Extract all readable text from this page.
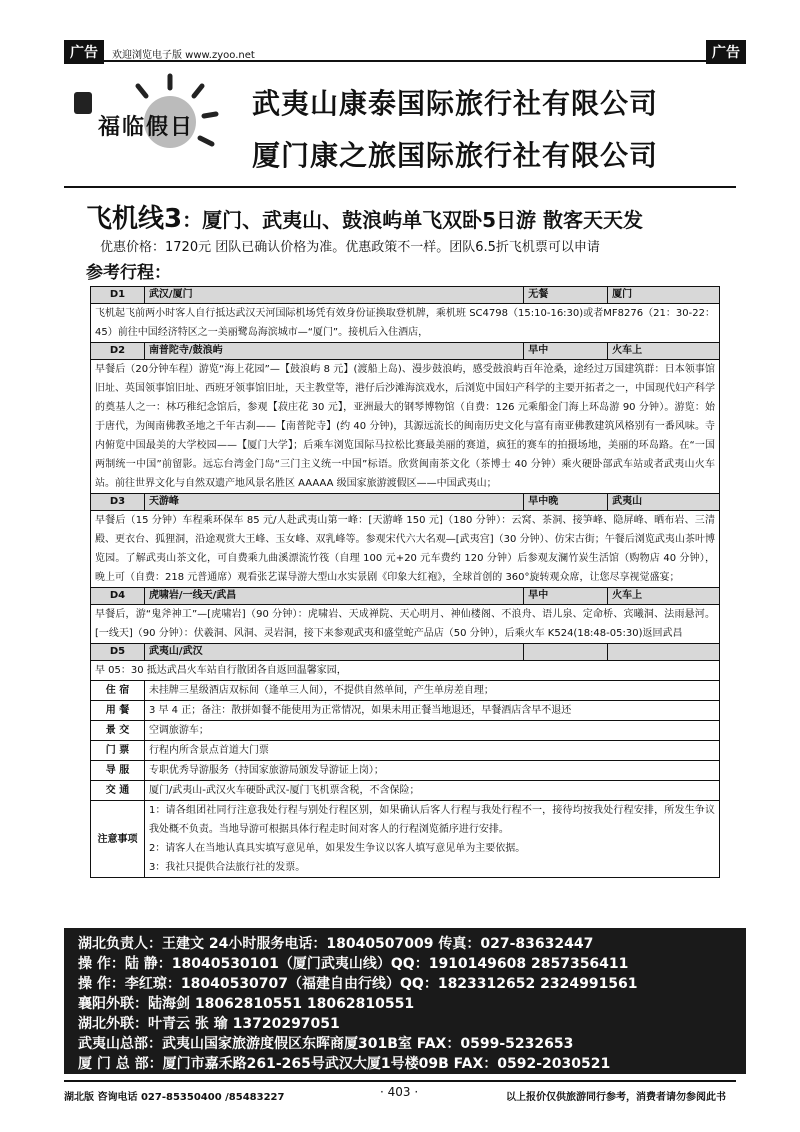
广告	广告
欢迎浏览电子版 www.zyoo.net
福临假日
武夷山康泰国际旅行社有限公司
厦门康之旅国际旅行社有限公司
飞机线3：厦门、武夷山、鼓浪屿单飞双卧5日游 散客天天发
优惠价格：1720元 团队已确认价格为准。优惠政策不一样。团队6.5折飞机票可以申请
参考行程：
D1	武汉/厦门	无餐	厦门
飞机起飞前两小时客人自行抵达武汉天河国际机场凭有效身份证换取登机牌，乘机班 SC4798（15:10-16:30)或者MF8276（21：30-22：45）前往中国经济特区之一美丽鹭岛海滨城市—“厦门”。接机后入住酒店，			
D2	南普陀寺/鼓浪屿	早中	火车上
早餐后（20分钟车程）游览“海上花园”—【鼓浪屿 8 元】(渡船上岛)、漫步鼓浪屿，感受鼓浪屿百年沧桑，途经过万国建筑群：日本领事馆旧址、英国领事馆旧址、西班牙领事馆旧址，天主教堂等，港仔后沙滩海滨戏水，后浏览中国妇产科学的主要开拓者之一，中国现代妇产科学的奠基人之一：林巧稚纪念馆后，参观【菽庄花 30 元】，亚洲最大的钢琴博物馆（自费：126 元乘船金门海上环岛游 90 分钟）。游览：始于唐代，为闽南佛教圣地之千年古刹——【南普陀寺】(约 40 分钟)，其源远流长的闽南历史文化与富有南亚佛教建筑风格别有一番风味。寺内俯览中国最美的大学校园——【厦门大学】；后乘车浏览国际马拉松比赛最美丽的赛道，疯狂的赛车的拍摄场地，美丽的环岛路。在“一国两制统一中国”前留影。远忘台湾金门岛“三门主义统一中国”标语。欣赏闽南茶文化（茶博士 40 分钟）乘火硬卧部武车站或者武夷山火车站。前往世界文化与自然双遗产地风景名胜区 AAAAA 级国家旅游渡假区——中国武夷山；			
D3	天游峰	早中晚	武夷山
早餐后（15 分钟）车程乘环保车 85 元/人赴武夷山第一峰：[天游峰 150 元]（180 分钟）：云窝、茶洞、接笋峰、隐屏峰、晒布岩、三清殿、更衣台、狐狸洞，沿途观赏大王峰、玉女峰、双乳峰等。参观宋代六大名观—[武夷宫]（30 分钟）、仿宋古街；午餐后浏览武夷山茶叶博览园。了解武夷山茶文化，可自费乘九曲溪漂流竹筏（自理 100 元+20 元车费约 120 分钟）后参观友澜竹炭生活馆（购物店 40 分钟）， 晚上可（自费：218 元普通席）观看张艺谋导游大型山水实景剧《印象大红袍》，全球首创的 360°旋转观众席，让您尽享视觉盛宴；			
D4	虎啸岩/一线天/武昌	早中	火车上
早餐后，游“鬼斧神工”—[虎啸岩]（90 分钟）：虎啸岩、天成禅院、天心明月、神仙楼阁、不浪舟、语儿泉、定命桥、宾曦洞、法雨悬河。[一线天]（90 分钟）：伏羲洞、风洞、灵岩洞，接下来参观武夷和盛堂蛇产品店（50 分钟），后乘火车 K524(18:48-05:30)返回武昌			
D5	武夷山/武汉		
早 05：30 抵达武昌火车站自行散团各自返回温馨家园，			
住 宿	未挂牌三星级酒店双标间（逢单三人间），不提供自然单间，产生单房差自理；		
用 餐	3 早 4 正；备注：散拼如餐不能使用为正常情况，如果未用正餐当地退还，早餐酒店含早不退还		
景 交	空调旅游车；		
门 票	行程内所含景点首道大门票		
导 服	专职优秀导游服务（持国家旅游局颁发导游证上岗）；		
交 通	厦门/武夷山-武汉火车硬卧武汉-厦门飞机票含税，不含保险；		
注意事项	1：请各组团社同行注意我处行程与别处行程区别，如果确认后客人行程与我处行程不一，接待均按我处行程安排，所发生争议我处概不负责。当地导游可根据具体行程走时间对客人的行程浏览循序进行安排。

2：请客人在当地认真具实填写意见单，如果发生争议以客人填写意见单为主要依据。

3：我社只提供合法旅行社的发票。		

湖北负责人：王建文 24小时服务电话：18040507009 传真：027-83632447
操 作：陆 静：18040530101（厦门武夷山线）QQ：1910149608 2857356411
操 作：李红琼：18040530707（福建自由行线）QQ：1823312652 2324991561
襄阳外联：陆海剑 18062810551 18062810551
湖北外联：叶青云 张 瑜 13720297051
武夷山总部：武夷山国家旅游度假区东晖商厦301B室 FAX：0599-5232653
厦 门 总 部：厦门市嘉禾路261-265号武汉大厦1号楼09B FAX：0592-2030521
湖北版 咨询电话 027-85350400 /85483227	· 403 ·	以上报价仅供旅游同行参考，消费者请勿参阅此书
